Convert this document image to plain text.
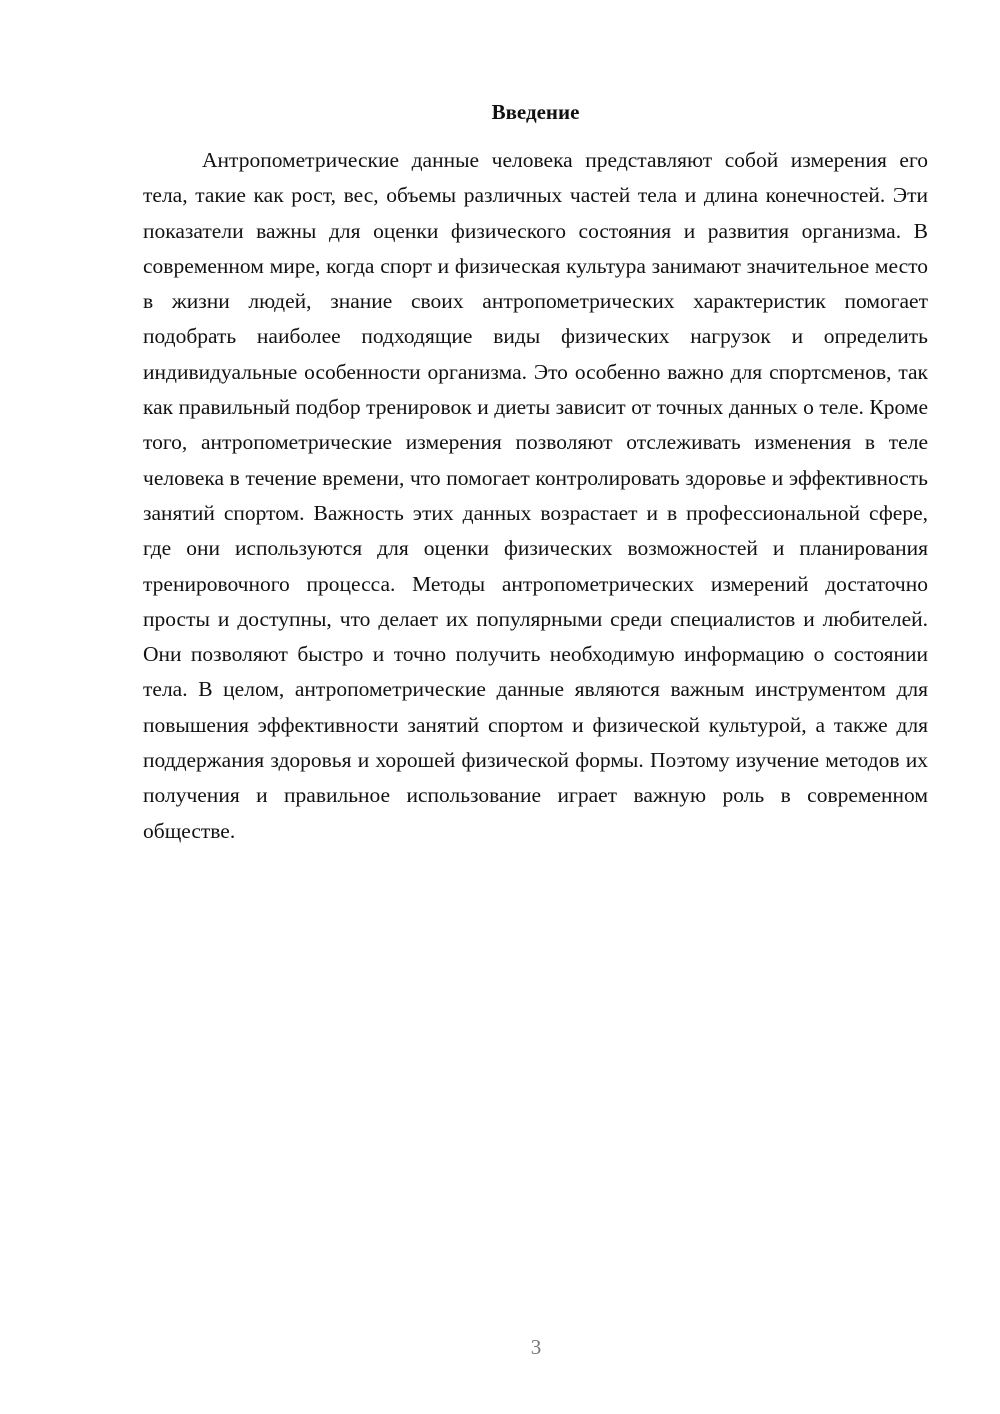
Введение

Антропометрические данные человека представляют собой измерения его тела, такие как рост, вес, объемы различных частей тела и длина конечностей. Эти показатели важны для оценки физического состояния и развития организма. В современном мире, когда спорт и физическая культура занимают значительное место в жизни людей, знание своих антропометрических характеристик помогает подобрать наиболее подходящие виды физических нагрузок и определить индивидуальные особенности организма. Это особенно важно для спортсменов, так как правильный подбор тренировок и диеты зависит от точных данных о теле. Кроме того, антропометрические измерения позволяют отслеживать изменения в теле человека в течение времени, что помогает контролировать здоровье и эффективность занятий спортом. Важность этих данных возрастает и в профессиональной сфере, где они используются для оценки физических возможностей и планирования тренировочного процесса. Методы антропометрических измерений достаточно просты и доступны, что делает их популярными среди специалистов и любителей. Они позволяют быстро и точно получить необходимую информацию о состоянии тела. В целом, антропометрические данные являются важным инструментом для повышения эффективности занятий спортом и физической культурой, а также для поддержания здоровья и хорошей физической формы. Поэтому изучение методов их получения и правильное использование играет важную роль в современном обществе.

3
